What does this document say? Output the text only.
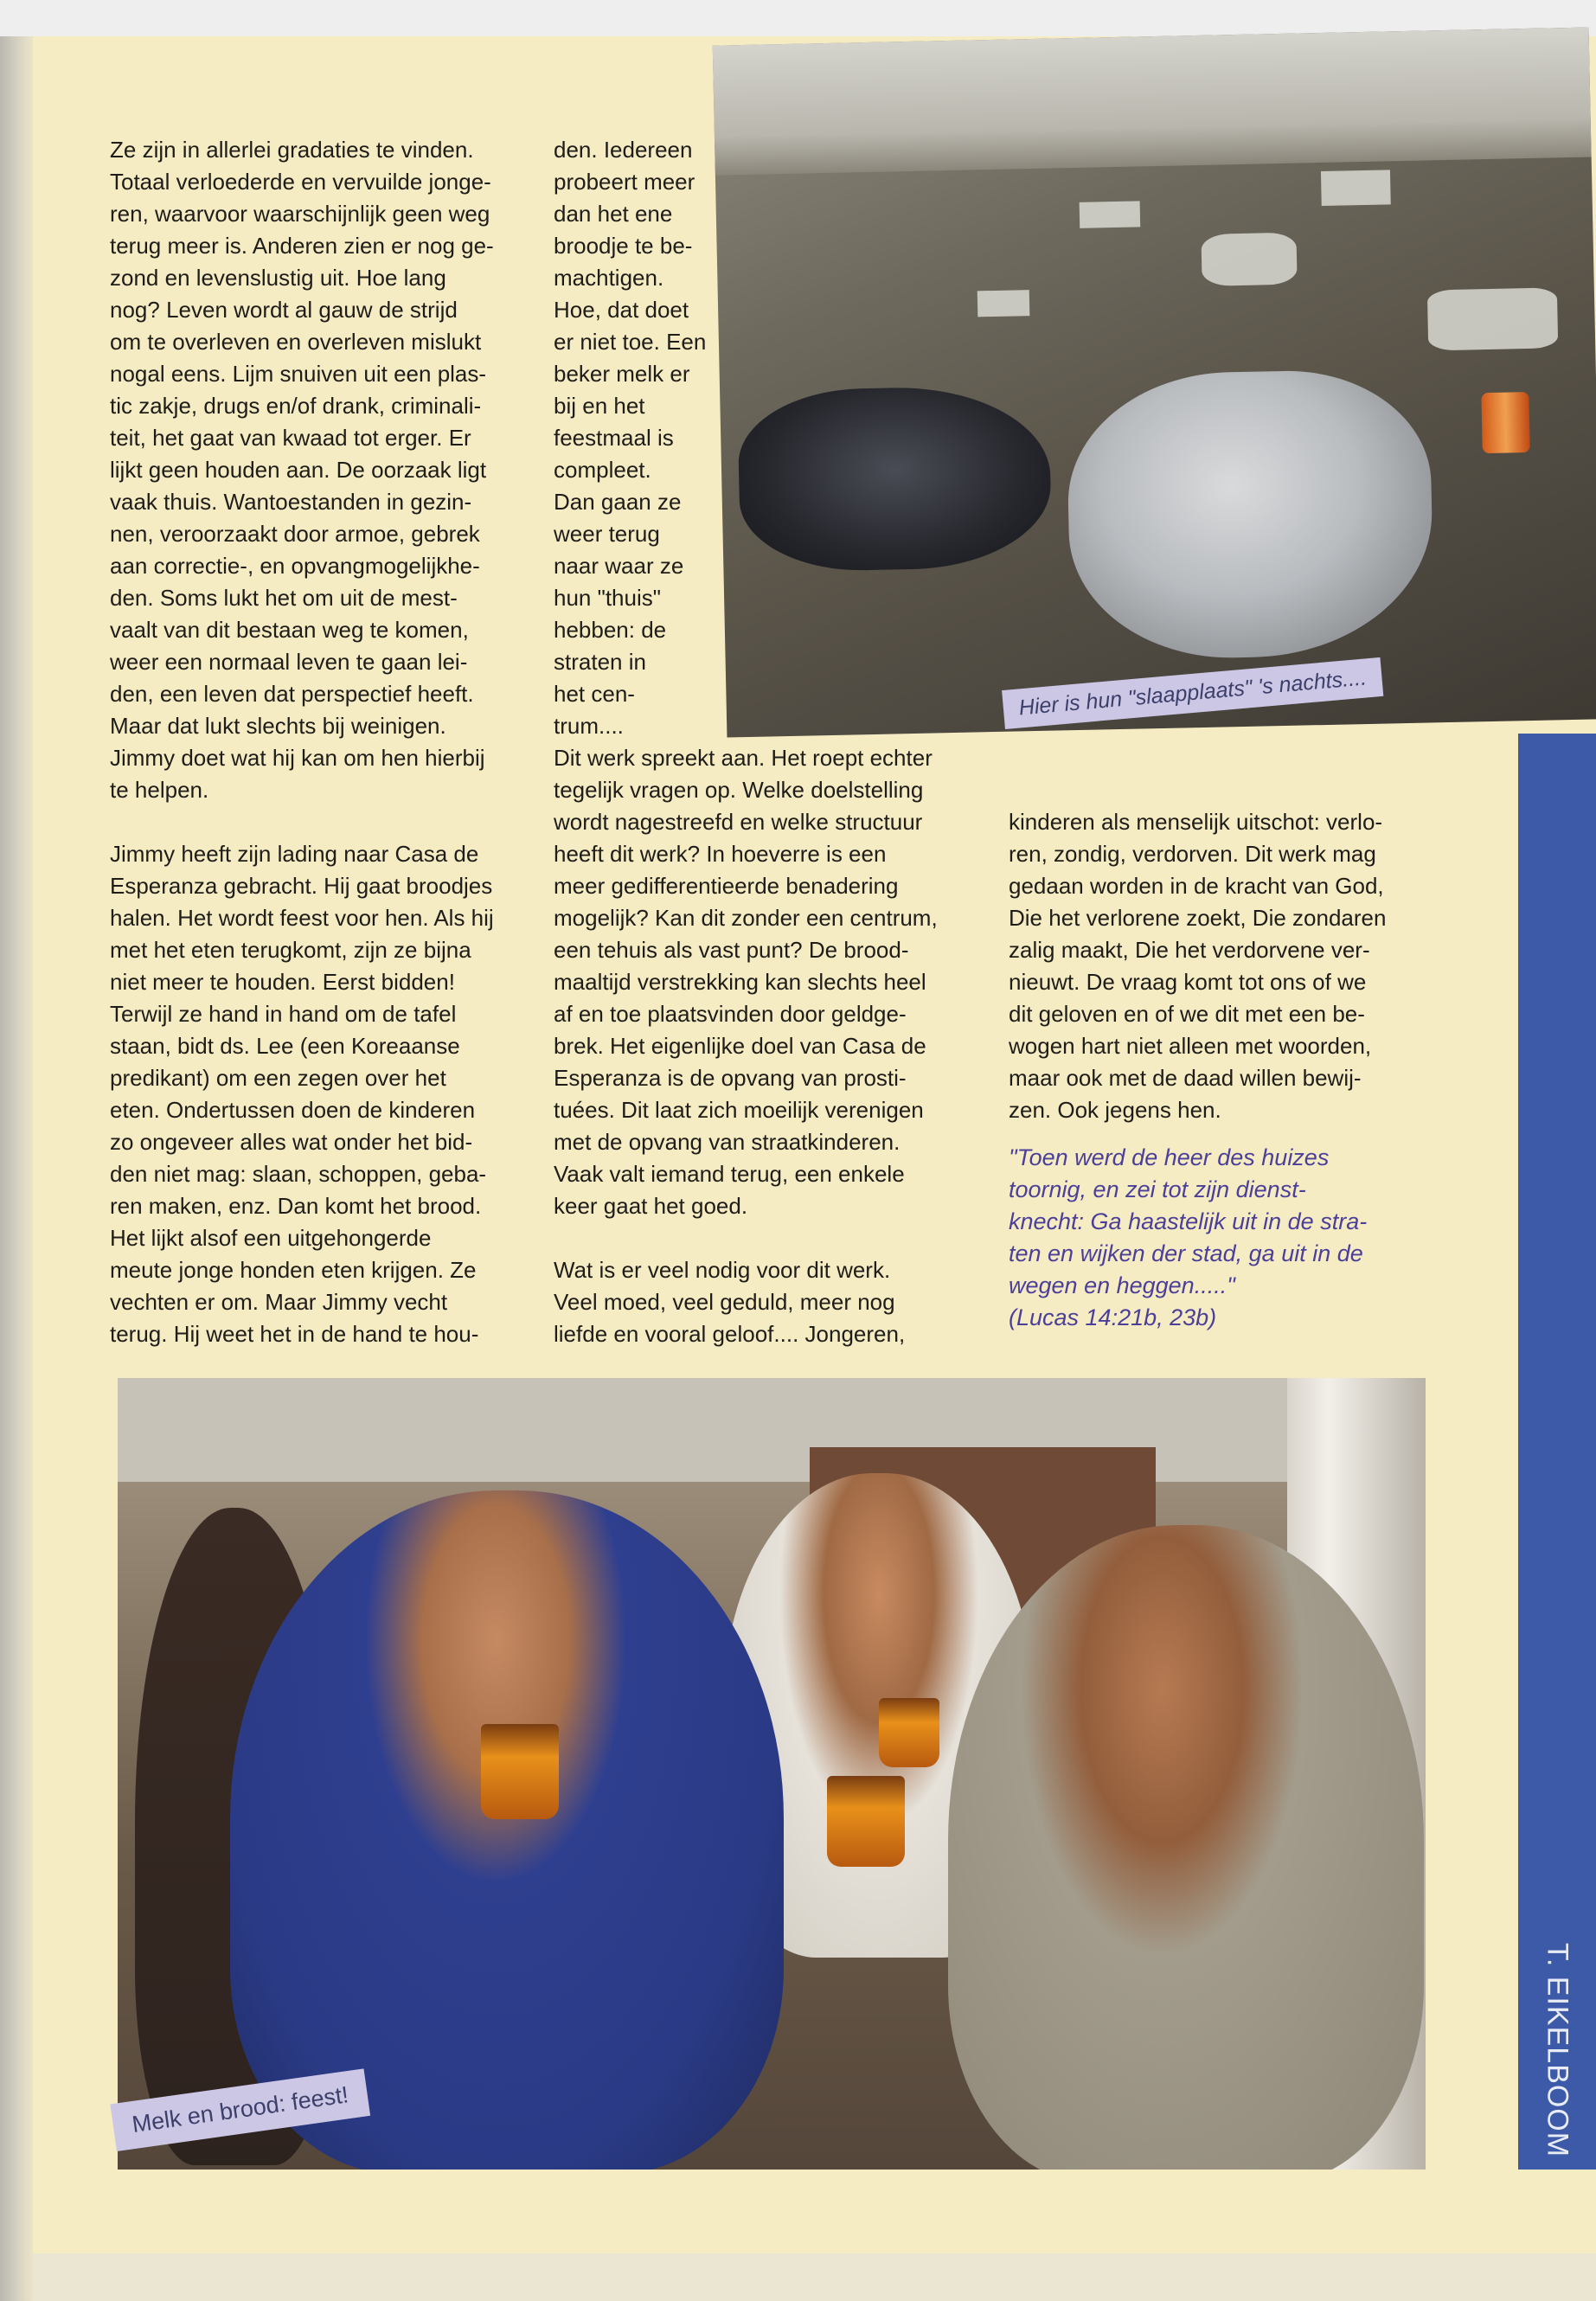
Ze zijn in allerlei gradaties te vinden.
Totaal verloederde en vervuilde jonge-
ren, waarvoor waarschijnlijk geen weg
terug meer is. Anderen zien er nog ge-
zond en levenslustig uit. Hoe lang
nog? Leven wordt al gauw de strijd
om te overleven en overleven mislukt
nogal eens. Lijm snuiven uit een plas-
tic zakje, drugs en/of drank, criminali-
teit, het gaat van kwaad tot erger. Er
lijkt geen houden aan. De oorzaak ligt
vaak thuis. Wantoestanden in gezin-
nen, veroorzaakt door armoe, gebrek
aan correctie-, en opvangmogelijkhe-
den. Soms lukt het om uit de mest-
vaalt van dit bestaan weg te komen,
weer een normaal leven te gaan lei-
den, een leven dat perspectief heeft.
Maar dat lukt slechts bij weinigen.
Jimmy doet wat hij kan om hen hierbij
te helpen.

Jimmy heeft zijn lading naar Casa de
Esperanza gebracht. Hij gaat broodjes
halen. Het wordt feest voor hen. Als hij
met het eten terugkomt, zijn ze bijna
niet meer te houden. Eerst bidden!
Terwijl ze hand in hand om de tafel
staan, bidt ds. Lee (een Koreaanse
predikant) om een zegen over het
eten. Ondertussen doen de kinderen
zo ongeveer alles wat onder het bid-
den niet mag: slaan, schoppen, geba-
ren maken, enz. Dan komt het brood.
Het lijkt alsof een uitgehongerde
meute jonge honden eten krijgen. Ze
vechten er om. Maar Jimmy vecht
terug. Hij weet het in de hand te hou-

den. Iedereen
probeert meer
dan het ene
broodje te be-
machtigen.
Hoe, dat doet
er niet toe. Een
beker melk er
bij en het
feestmaal is
compleet.
Dan gaan ze
weer terug
naar waar ze
hun "thuis"
hebben: de
straten in
het cen-
trum....

Dit werk spreekt aan. Het roept echter
tegelijk vragen op. Welke doelstelling
wordt nagestreefd en welke structuur
heeft dit werk? In hoeverre is een
meer gedifferentieerde benadering
mogelijk? Kan dit zonder een centrum,
een tehuis als vast punt? De brood-
maaltijd verstrekking kan slechts heel
af en toe plaatsvinden door geldge-
brek. Het eigenlijke doel van Casa de
Esperanza is de opvang van prosti-
tuées. Dit laat zich moeilijk verenigen
met de opvang van straatkinderen.
Vaak valt iemand terug, een enkele
keer gaat het goed.

Wat is er veel nodig voor dit werk.
Veel moed, veel geduld, meer nog
liefde en vooral geloof.... Jongeren,

kinderen als menselijk uitschot: verlo-
ren, zondig, verdorven. Dit werk mag
gedaan worden in de kracht van God,
Die het verlorene zoekt, Die zondaren
zalig maakt, Die het verdorvene ver-
nieuwt. De vraag komt tot ons of we
dit geloven en of we dit met een be-
wogen hart niet alleen met woorden,
maar ook met de daad willen bewij-
zen. Ook jegens hen.

"Toen werd de heer des huizes
toornig, en zei tot zijn dienst-
knecht: Ga haastelijk uit in de stra-
ten en wijken der stad, ga uit in de
wegen en heggen....."
(Lucas 14:21b, 23b)

Hier is hun "slaapplaats" 's nachts....
T. EIKELBOOM
Melk en brood: feest!
